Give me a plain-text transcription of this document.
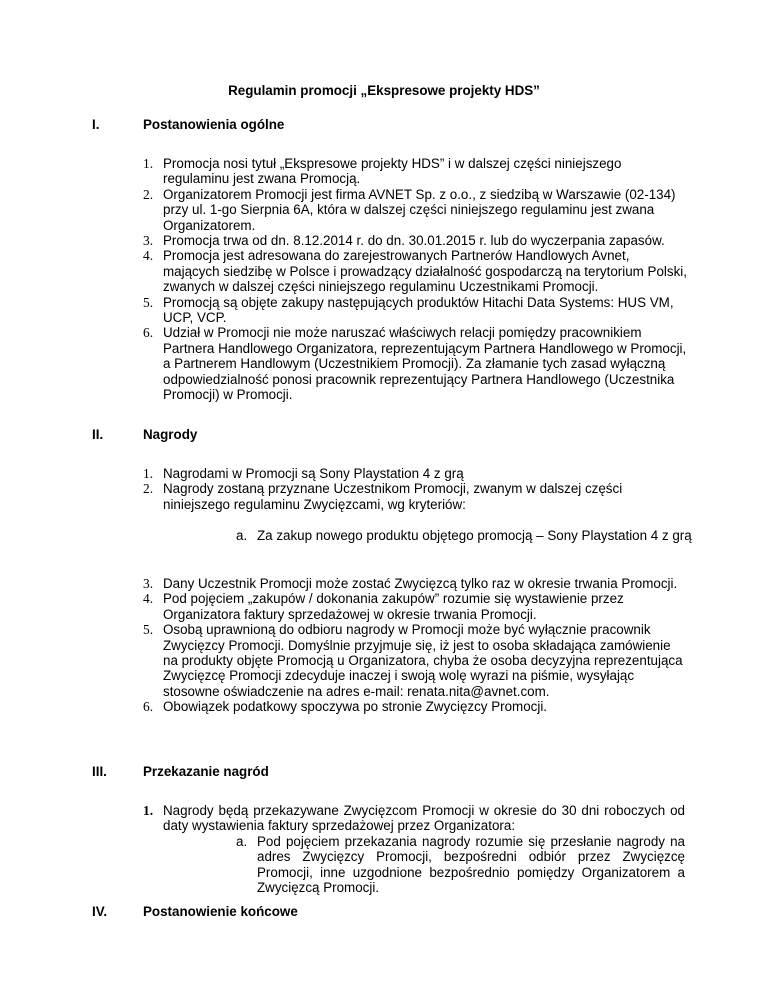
Regulamin promocji „Ekspresowe projekty HDS”
I.	Postanowienia ogólne
1. Promocja nosi tytuł „Ekspresowe projekty HDS” i w dalszej części niniejszego regulaminu jest zwana Promocją.
2. Organizatorem Promocji jest firma AVNET Sp. z o.o., z siedzibą w Warszawie (02-134) przy ul. 1-go Sierpnia 6A, która w dalszej części niniejszego regulaminu jest zwana Organizatorem.
3. Promocja trwa od dn. 8.12.2014 r. do dn. 30.01.2015 r. lub do wyczerpania zapasów.
4. Promocja jest adresowana do zarejestrowanych Partnerów Handlowych Avnet, mających siedzibę w Polsce i prowadzący działalność gospodarczą na terytorium Polski, zwanych w dalszej części niniejszego regulaminu Uczestnikami Promocji.
5. Promocją są objęte zakupy następujących produktów Hitachi Data Systems: HUS VM, UCP, VCP.
6. Udział w Promocji nie może naruszać właściwych relacji pomiędzy pracownikiem Partnera Handlowego Organizatora, reprezentującym Partnera Handlowego w Promocji, a Partnerem Handlowym (Uczestnikiem Promocji). Za złamanie tych zasad wyłączną odpowiedzialność ponosi pracownik reprezentujący Partnera Handlowego (Uczestnika Promocji) w Promocji.
II.	Nagrody
1. Nagrodami w Promocji są Sony Playstation 4 z grą
2. Nagrody zostaną przyznane Uczestnikom Promocji, zwanym w dalszej części niniejszego regulaminu Zwycięzcami, wg kryteriów:
a. Za zakup nowego produktu objętego promocją – Sony Playstation 4 z grą
3. Dany Uczestnik Promocji może zostać Zwycięzcą tylko raz w okresie trwania Promocji.
4. Pod pojęciem „zakupów / dokonania zakupów” rozumie się wystawienie przez Organizatora faktury sprzedażowej w okresie trwania Promocji.
5. Osobą uprawnioną do odbioru nagrody w Promocji może być wyłącznie pracownik Zwycięzcy Promocji. Domyślnie przyjmuje się, iż jest to osoba składająca zamówienie na produkty objęte Promocją u Organizatora, chyba że osoba decyzyjna reprezentująca Zwycięzcę Promocji zdecyduje inaczej i swoją wolę wyrazi na piśmie, wysyłając stosowne oświadczenie na adres e-mail: renata.nita@avnet.com.
6. Obowiązek podatkowy spoczywa po stronie Zwycięzcy Promocji.
III.	Przekazanie nagród
1. Nagrody będą przekazywane Zwycięzcom Promocji w okresie do 30 dni roboczych od daty wystawienia faktury sprzedażowej przez Organizatora:
a. Pod pojęciem przekazania nagrody rozumie się przesłanie nagrody na adres Zwycięzcy Promocji, bezpośredni odbiór przez Zwycięzcę Promocji, inne uzgodnione bezpośrednio pomiędzy Organizatorem a Zwycięzcą Promocji.
IV.	Postanowienie końcowe
